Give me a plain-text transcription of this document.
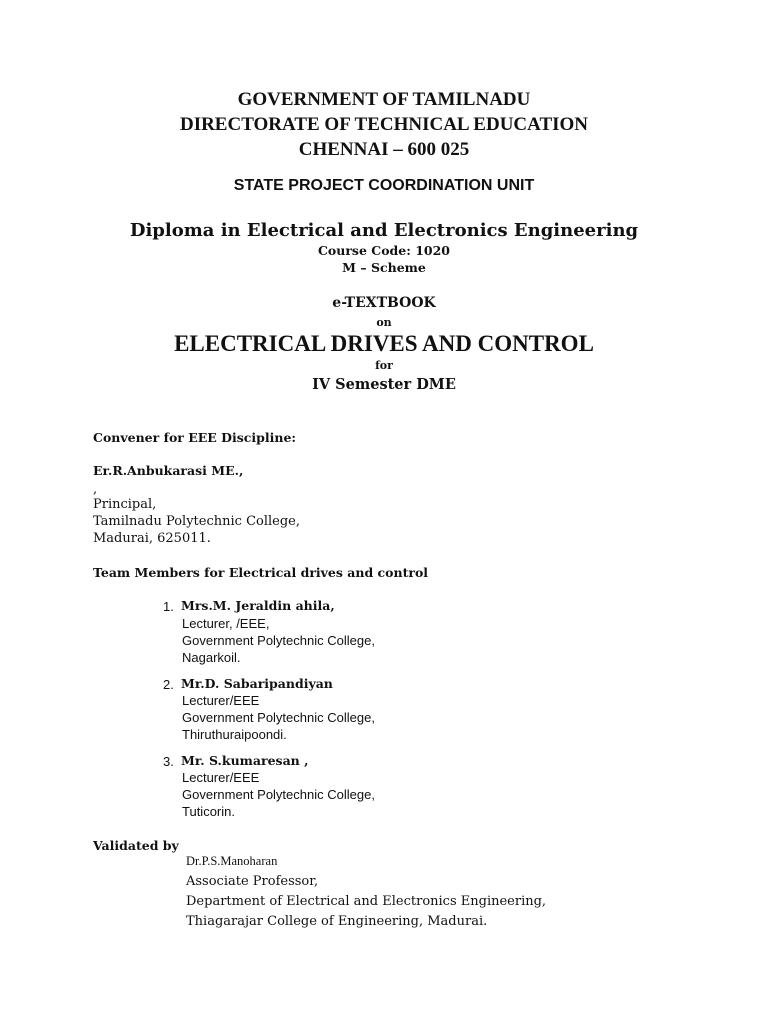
GOVERNMENT OF TAMILNADU
DIRECTORATE OF TECHNICAL EDUCATION
CHENNAI – 600 025
STATE PROJECT COORDINATION UNIT
Diploma in Electrical and Electronics Engineering
Course Code: 1020
M – Scheme
e-TEXTBOOK
on
ELECTRICAL DRIVES AND CONTROL
for
IV Semester DME
Convener for EEE Discipline:
Er.R.Anbukarasi ME.,
,
Principal,
Tamilnadu Polytechnic College,
Madurai, 625011.
Team Members for Electrical drives and control
1. Mrs.M. Jeraldin ahila,
Lecturer, /EEE,
Government Polytechnic College,
Nagarkoil.
2. Mr.D. Sabaripandiyan
Lecturer/EEE
Government Polytechnic College,
Thiruthuraipoondi.
3. Mr. S.kumaresan ,
Lecturer/EEE
Government Polytechnic College,
Tuticorin.
Validated by
Dr.P.S.Manoharan
Associate Professor,
Department of Electrical and Electronics Engineering,
Thiagarajar College of Engineering, Madurai.
